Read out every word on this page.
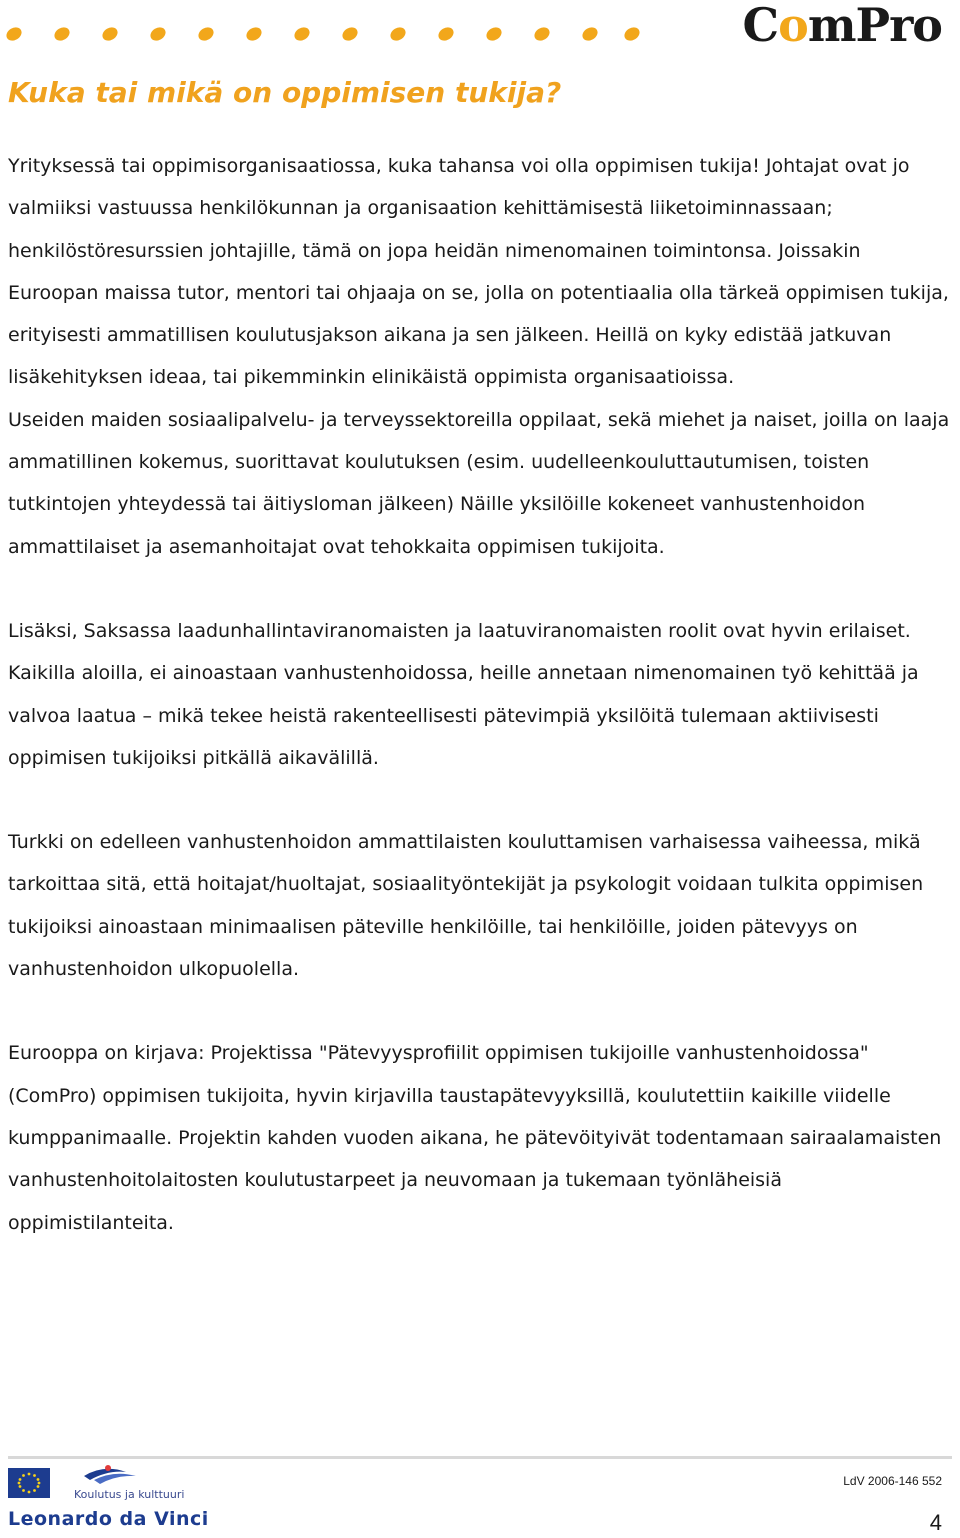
ComPro
Kuka tai mikä on oppimisen tukija?

Yrityksessä tai oppimisorganisaatiossa, kuka tahansa voi olla oppimisen tukija! Johtajat ovat jo valmiiksi vastuussa henkilökunnan ja organisaation kehittämisestä liiketoiminnassaan; henkilöstöresurssien johtajille, tämä on jopa heidän nimenomainen toimintonsa. Joissakin Euroopan maissa tutor, mentori tai ohjaaja on se, jolla on potentiaalia olla tärkeä oppimisen tukija, erityisesti ammatillisen koulutusjakson aikana ja sen jälkeen. Heillä on kyky edistää jatkuvan lisäkehityksen ideaa, tai pikemminkin elinikäistä oppimista organisaatioissa.

Useiden maiden sosiaalipalvelu- ja terveyssektoreilla oppilaat, sekä miehet ja naiset, joilla on laaja ammatillinen kokemus, suorittavat koulutuksen (esim. uudelleenkouluttautumisen, toisten tutkintojen yhteydessä tai äitiysloman jälkeen) Näille yksilöille kokeneet vanhustenhoidon ammattilaiset ja asemanhoitajat ovat tehokkaita oppimisen tukijoita.

Lisäksi, Saksassa laadunhallintaviranomaisten ja laatuviranomaisten roolit ovat hyvin erilaiset. Kaikilla aloilla, ei ainoastaan vanhustenhoidossa, heille annetaan nimenomainen työ kehittää ja valvoa laatua – mikä tekee heistä rakenteellisesti pätevimpiä yksilöitä tulemaan aktiivisesti oppimisen tukijoiksi pitkällä aikavälillä.

Turkki on edelleen vanhustenhoidon ammattilaisten kouluttamisen varhaisessa vaiheessa, mikä tarkoittaa sitä, että hoitajat/huoltajat, sosiaalityöntekijät ja psykologit voidaan tulkita oppimisen tukijoiksi ainoastaan minimaalisen päteville henkilöille, tai henkilöille, joiden pätevyys on vanhustenhoidon ulkopuolella.

Eurooppa on kirjava: Projektissa "Pätevyysprofiilit oppimisen tukijoille vanhustenhoidossa" (ComPro) oppimisen tukijoita, hyvin kirjavilla taustapätevyyksillä, koulutettiin kaikille viidelle kumppanimaalle. Projektin kahden vuoden aikana, he pätevöityivät todentamaan sairaalamaisten vanhustenhoitolaitosten koulutustarpeet ja neuvomaan ja tukemaan työnläheisiä oppimistilanteita.

Koulutus ja kulttuuri
Leonardo da Vinci
LdV 2006-146 552
4
